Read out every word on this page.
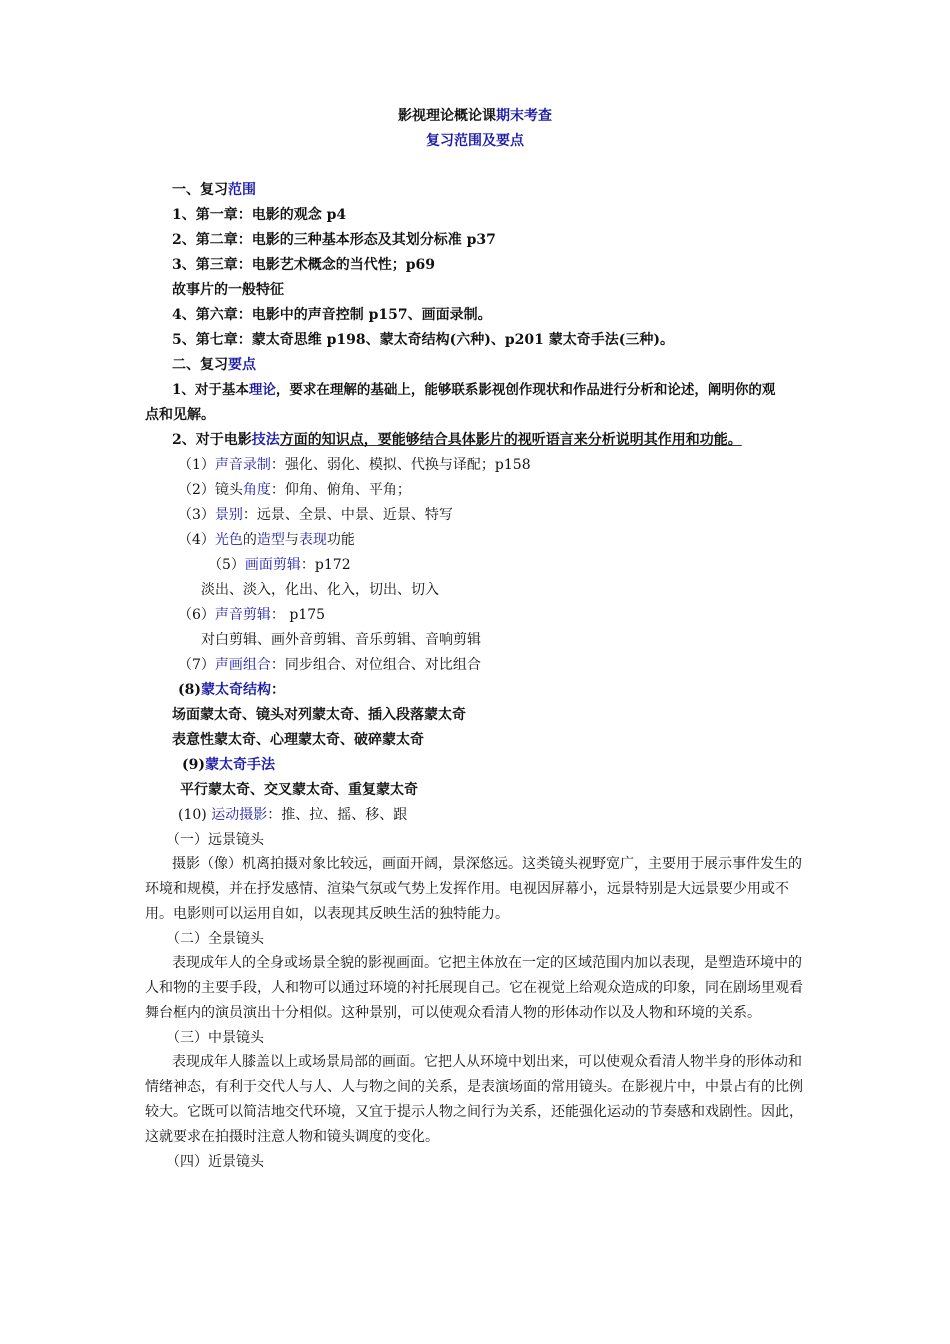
影视理论概论课期末考查
复习范围及要点
一、复习范围
1、第一章：电影的观念 p4
2、第二章：电影的三种基本形态及其划分标准 p37
3、第三章：电影艺术概念的当代性；p69
故事片的一般特征
4、第六章：电影中的声音控制 p157、画面录制。
5、第七章：蒙太奇思维 p198、蒙太奇结构(六种)、p201 蒙太奇手法(三种)。
二、复习要点
1、对于基本理论，要求在理解的基础上，能够联系影视创作现状和作品进行分析和论述，阐明你的观
点和见解。
2、对于电影技法方面的知识点，要能够结合具体影片的视听语言来分析说明其作用和功能。
（1）声音录制：强化、弱化、模拟、代换与译配；p158
（2）镜头角度：仰角、俯角、平角；
（3）景别：远景、全景、中景、近景、特写
（4）光色的造型与表现功能
（5）画面剪辑：p172
淡出、淡入，化出、化入，切出、切入
（6）声音剪辑： p175
对白剪辑、画外音剪辑、音乐剪辑、音响剪辑
（7）声画组合：同步组合、对位组合、对比组合
(8)蒙太奇结构：
场面蒙太奇、镜头对列蒙太奇、插入段落蒙太奇
表意性蒙太奇、心理蒙太奇、破碎蒙太奇
(9)蒙太奇手法
平行蒙太奇、交叉蒙太奇、重复蒙太奇
(10) 运动摄影：推、拉、摇、移、跟
（一）远景镜头
摄影（像）机离拍摄对象比较远，画面开阔，景深悠远。这类镜头视野宽广，主要用于展示事件发生的环境和规模，并在抒发感情、渲染气氛或气势上发挥作用。电视因屏幕小，远景特别是大远景要少用或不用。电影则可以运用自如，以表现其反映生活的独特能力。
（二）全景镜头
表现成年人的全身或场景全貌的影视画面。它把主体放在一定的区域范围内加以表现，是塑造环境中的人和物的主要手段，人和物可以通过环境的衬托展现自己。它在视觉上给观众造成的印象，同在剧场里观看舞台框内的演员演出十分相似。这种景别，可以使观众看清人物的形体动作以及人物和环境的关系。
（三）中景镜头
表现成年人膝盖以上或场景局部的画面。它把人从环境中划出来，可以使观众看清人物半身的形体动和情绪神态，有利于交代人与人、人与物之间的关系，是表演场面的常用镜头。在影视片中，中景占有的比例较大。它既可以简洁地交代环境，又宜于提示人物之间行为关系，还能强化运动的节奏感和戏剧性。因此，这就要求在拍摄时注意人物和镜头调度的变化。
（四）近景镜头
